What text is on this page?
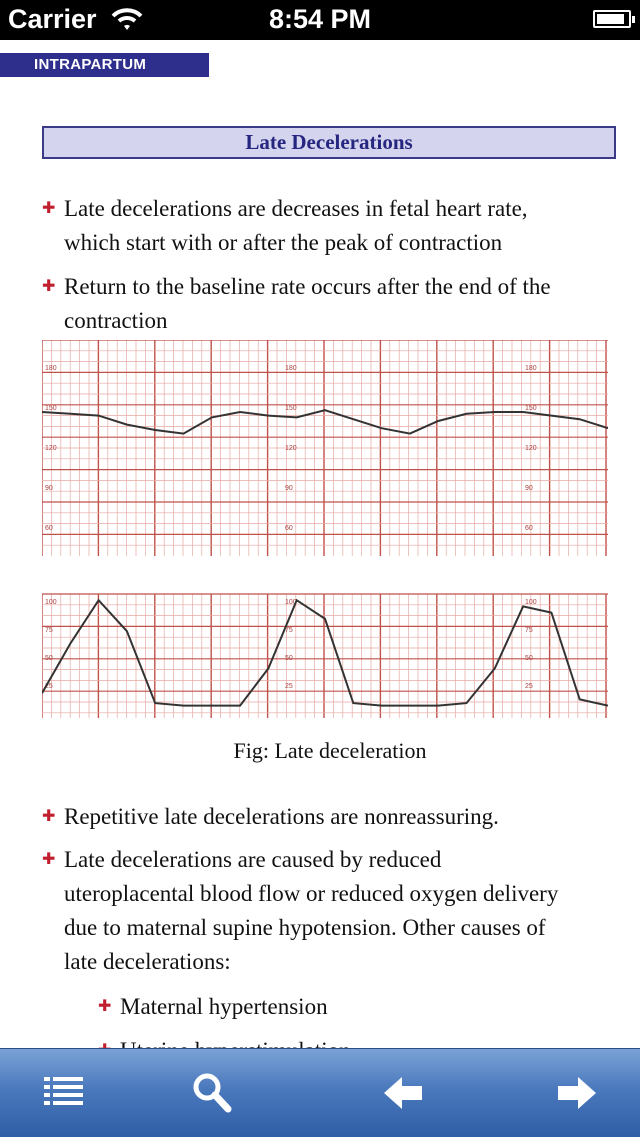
Carrier	8:54 PM
INTRAPARTUM
Late Decelerations
✚ Late decelerations are decreases in fetal heart rate,
which start with or after the peak of contraction
✚ Return to the baseline rate occurs after the end of the
contraction
180
150
120
90
60
180
150
120
90
60
180
150
120
90
60
100
75
50
25
100
75
50
25
100
75
50
25
Fig: Late deceleration
✚ Repetitive late decelerations are nonreassuring.
✚ Late decelerations are caused by reduced
uteroplacental blood flow or reduced oxygen delivery
due to maternal supine hypotension. Other causes of
late decelerations:
✚ Maternal hypertension
